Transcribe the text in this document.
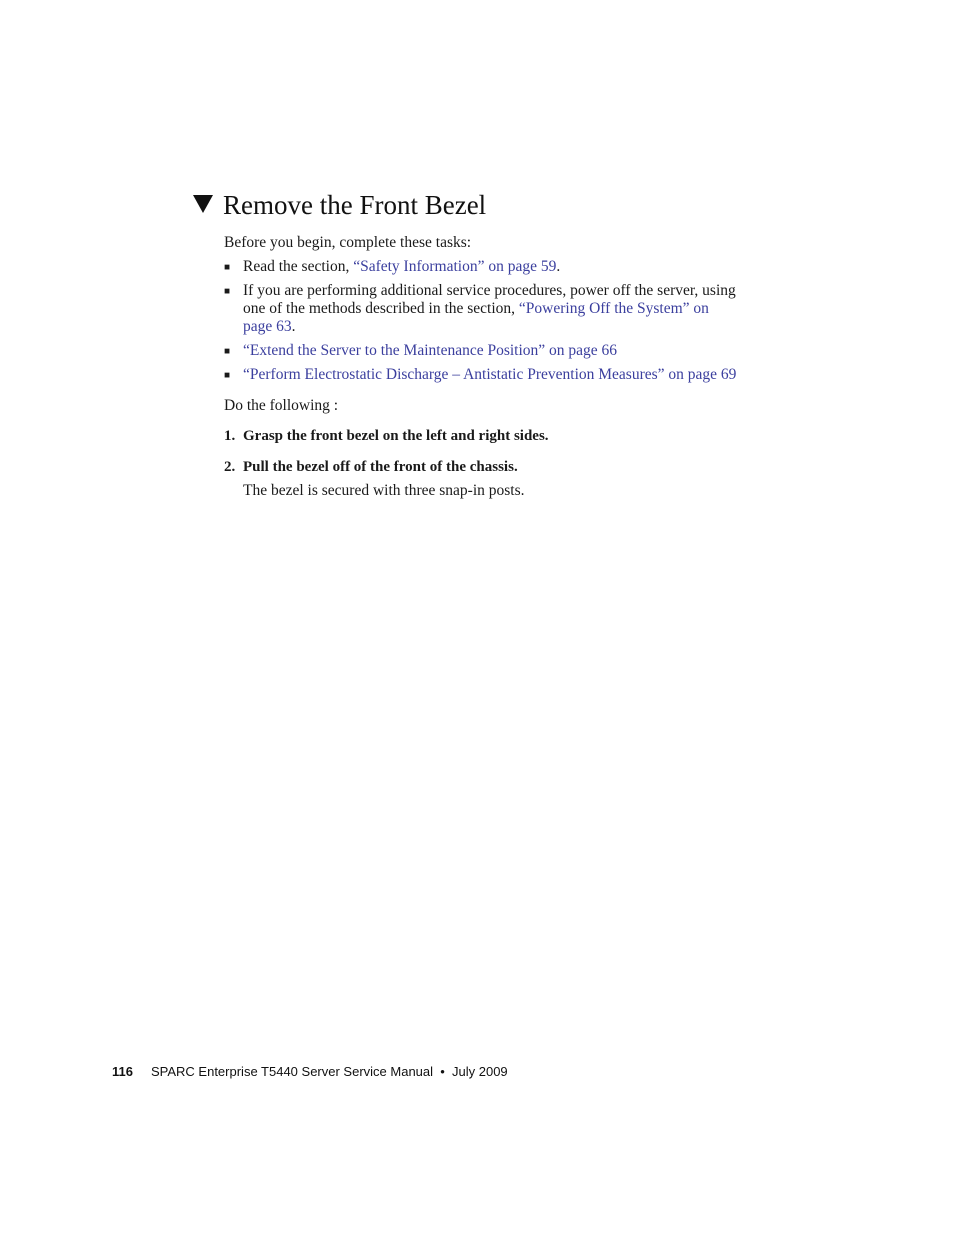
Remove the Front Bezel

Before you begin, complete these tasks:

■ Read the section, “Safety Information” on page 59.

■ If you are performing additional service procedures, power off the server, using

one of the methods described in the section, “Powering Off the System” on

page 63.

■ “Extend the Server to the Maintenance Position” on page 66

■ “Perform Electrostatic Discharge – Antistatic Prevention Measures” on page 69

Do the following :

1. Grasp the front bezel on the left and right sides.

2. Pull the bezel off of the front of the chassis.

The bezel is secured with three snap-in posts.

116 SPARC Enterprise T5440 Server Service Manual  •  July 2009
